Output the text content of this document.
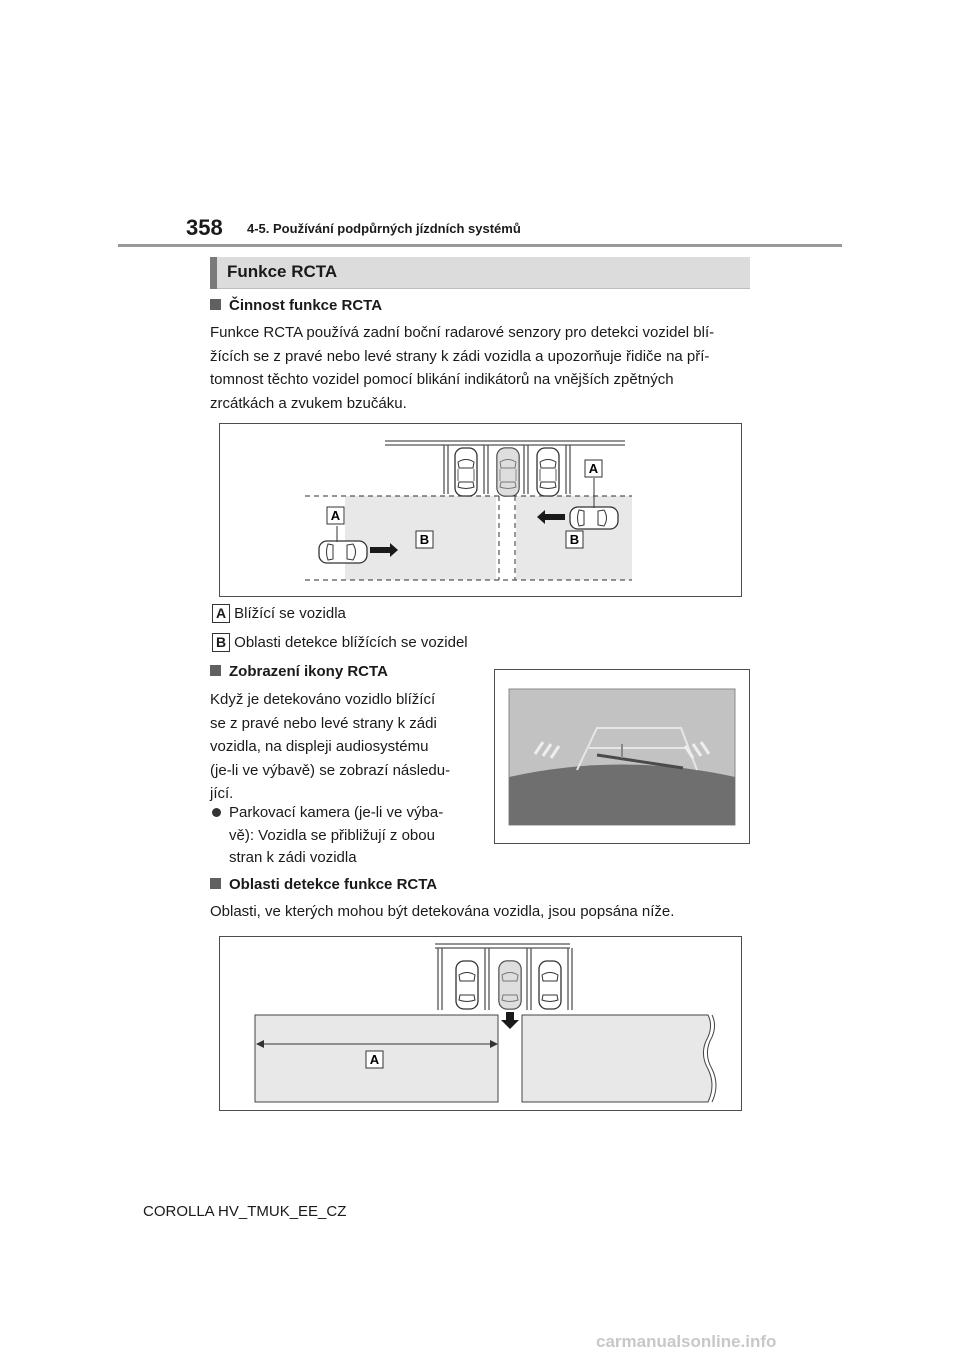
358 4-5. Používání podpůrných jízdních systémů
Funkce RCTA
Činnost funkce RCTA
Funkce RCTA používá zadní boční radarové senzory pro detekci vozidel blí-
žících se z pravé nebo levé strany k zádi vozidla a upozorňuje řidiče na pří-
tomnost těchto vozidel pomocí blikání indikátorů na vnějších zpětných
zrcátkách a zvukem bzučáku.
A
A
B	B
A Blížící se vozidla
B Oblasti detekce blížících se vozidel
Zobrazení ikony RCTA
Když je detekováno vozidlo blížící
se z pravé nebo levé strany k zádi
vozidla, na displeji audiosystému
(je-li ve výbavě) se zobrazí následu-
jící.
Parkovací kamera (je-li ve výba-
vě): Vozidla se přibližují z obou
stran k zádi vozidla
Oblasti detekce funkce RCTA
Oblasti, ve kterých mohou být detekována vozidla, jsou popsána níže.
A
COROLLA HV_TMUK_EE_CZ
carmanualsonline.info
